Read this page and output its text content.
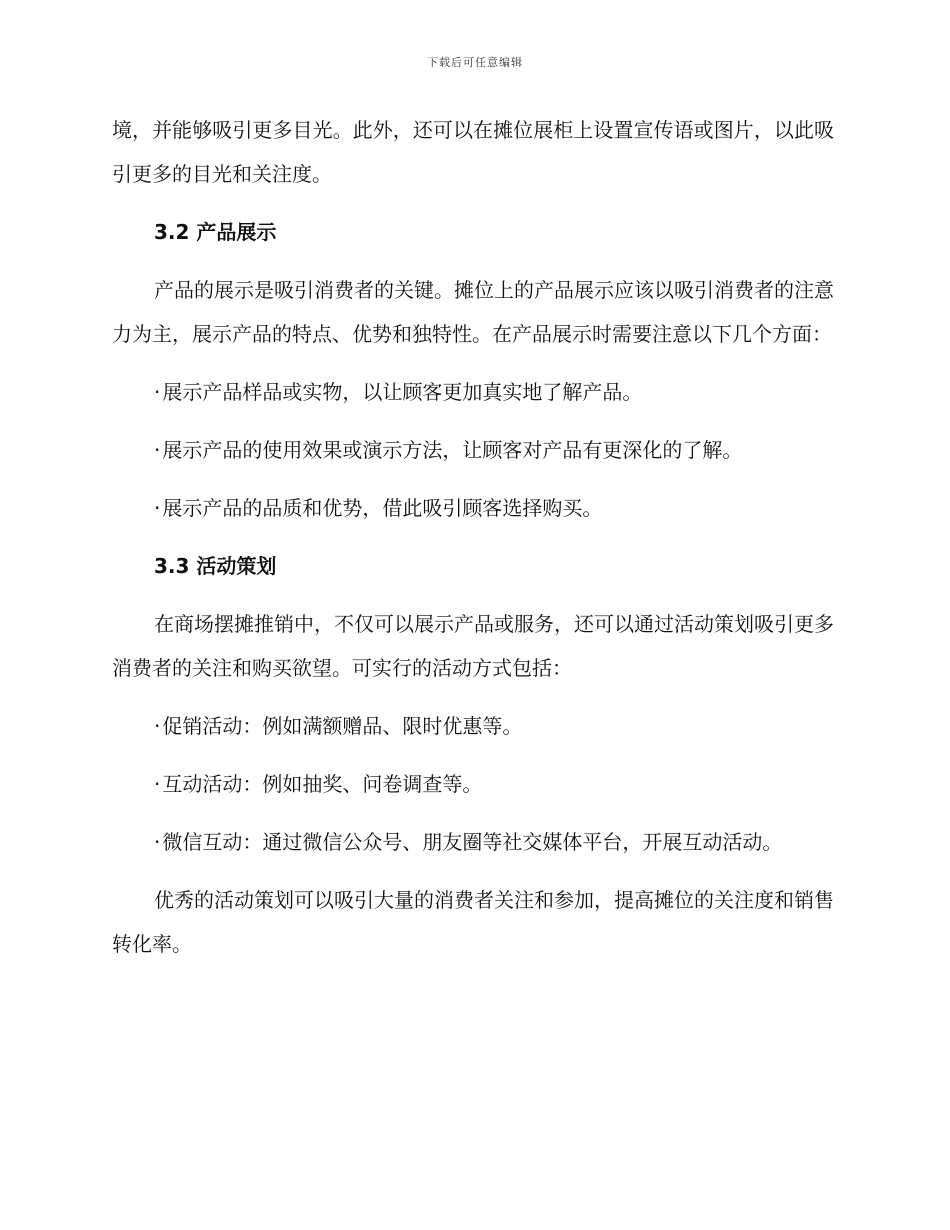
下载后可任意编辑

境，并能够吸引更多目光。此外，还可以在摊位展柜上设置宣传语或图片，以此吸引更多的目光和关注度。

3.2 产品展示

产品的展示是吸引消费者的关键。摊位上的产品展示应该以吸引消费者的注意力为主，展示产品的特点、优势和独特性。在产品展示时需要注意以下几个方面：

· 展示产品样品或实物，以让顾客更加真实地了解产品。
· 展示产品的使用效果或演示方法，让顾客对产品有更深化的了解。
· 展示产品的品质和优势，借此吸引顾客选择购买。
3.3 活动策划

在商场摆摊推销中，不仅可以展示产品或服务，还可以通过活动策划吸引更多消费者的关注和购买欲望。可实行的活动方式包括：

· 促销活动：例如满额赠品、限时优惠等。
· 互动活动：例如抽奖、问卷调查等。
· 微信互动：通过微信公众号、朋友圈等社交媒体平台，开展互动活动。

优秀的活动策划可以吸引大量的消费者关注和参加，提高摊位的关注度和销售转化率。
